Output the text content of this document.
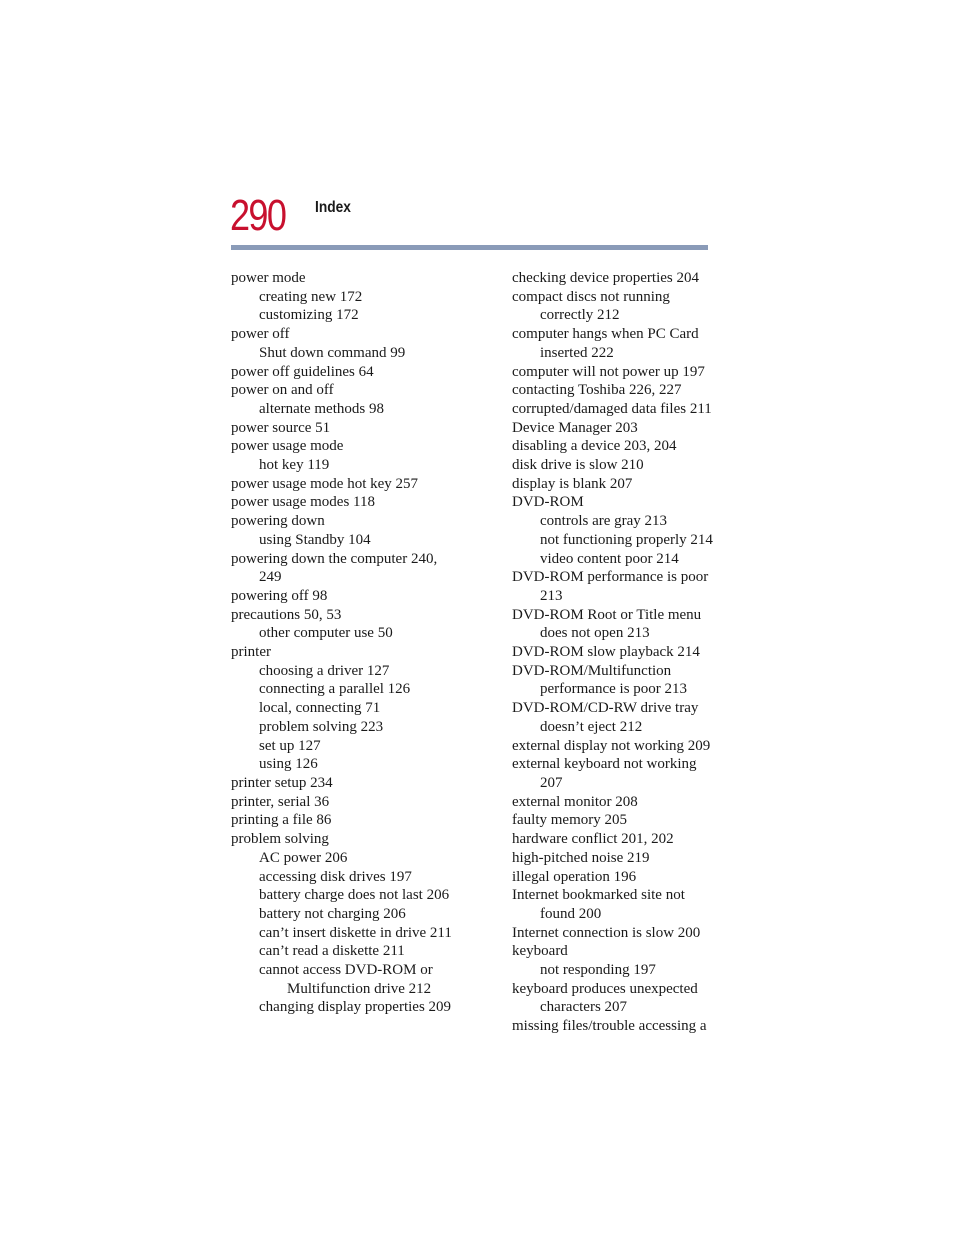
290 Index
power mode
creating new 172
customizing 172
power off
Shut down command 99
power off guidelines 64
power on and off
alternate methods 98
power source 51
power usage mode
hot key 119
power usage mode hot key 257
power usage modes 118
powering down
using Standby 104
powering down the computer 240,
249
powering off 98
precautions 50, 53
other computer use 50
printer
choosing a driver 127
connecting a parallel 126
local, connecting 71
problem solving 223
set up 127
using 126
printer setup 234
printer, serial 36
printing a file 86
problem solving
AC power 206
accessing disk drives 197
battery charge does not last 206
battery not charging 206
can’t insert diskette in drive 211
can’t read a diskette 211
cannot access DVD-ROM or
Multifunction drive 212
changing display properties 209
checking device properties 204
compact discs not running
correctly 212
computer hangs when PC Card
inserted 222
computer will not power up 197
contacting Toshiba 226, 227
corrupted/damaged data files 211
Device Manager 203
disabling a device 203, 204
disk drive is slow 210
display is blank 207
DVD-ROM
controls are gray 213
not functioning properly 214
video content poor 214
DVD-ROM performance is poor
213
DVD-ROM Root or Title menu
does not open 213
DVD-ROM slow playback 214
DVD-ROM/Multifunction
performance is poor 213
DVD-ROM/CD-RW drive tray
doesn’t eject 212
external display not working 209
external keyboard not working
207
external monitor 208
faulty memory 205
hardware conflict 201, 202
high-pitched noise 219
illegal operation 196
Internet bookmarked site not
found 200
Internet connection is slow 200
keyboard
not responding 197
keyboard produces unexpected
characters 207
missing files/trouble accessing a
